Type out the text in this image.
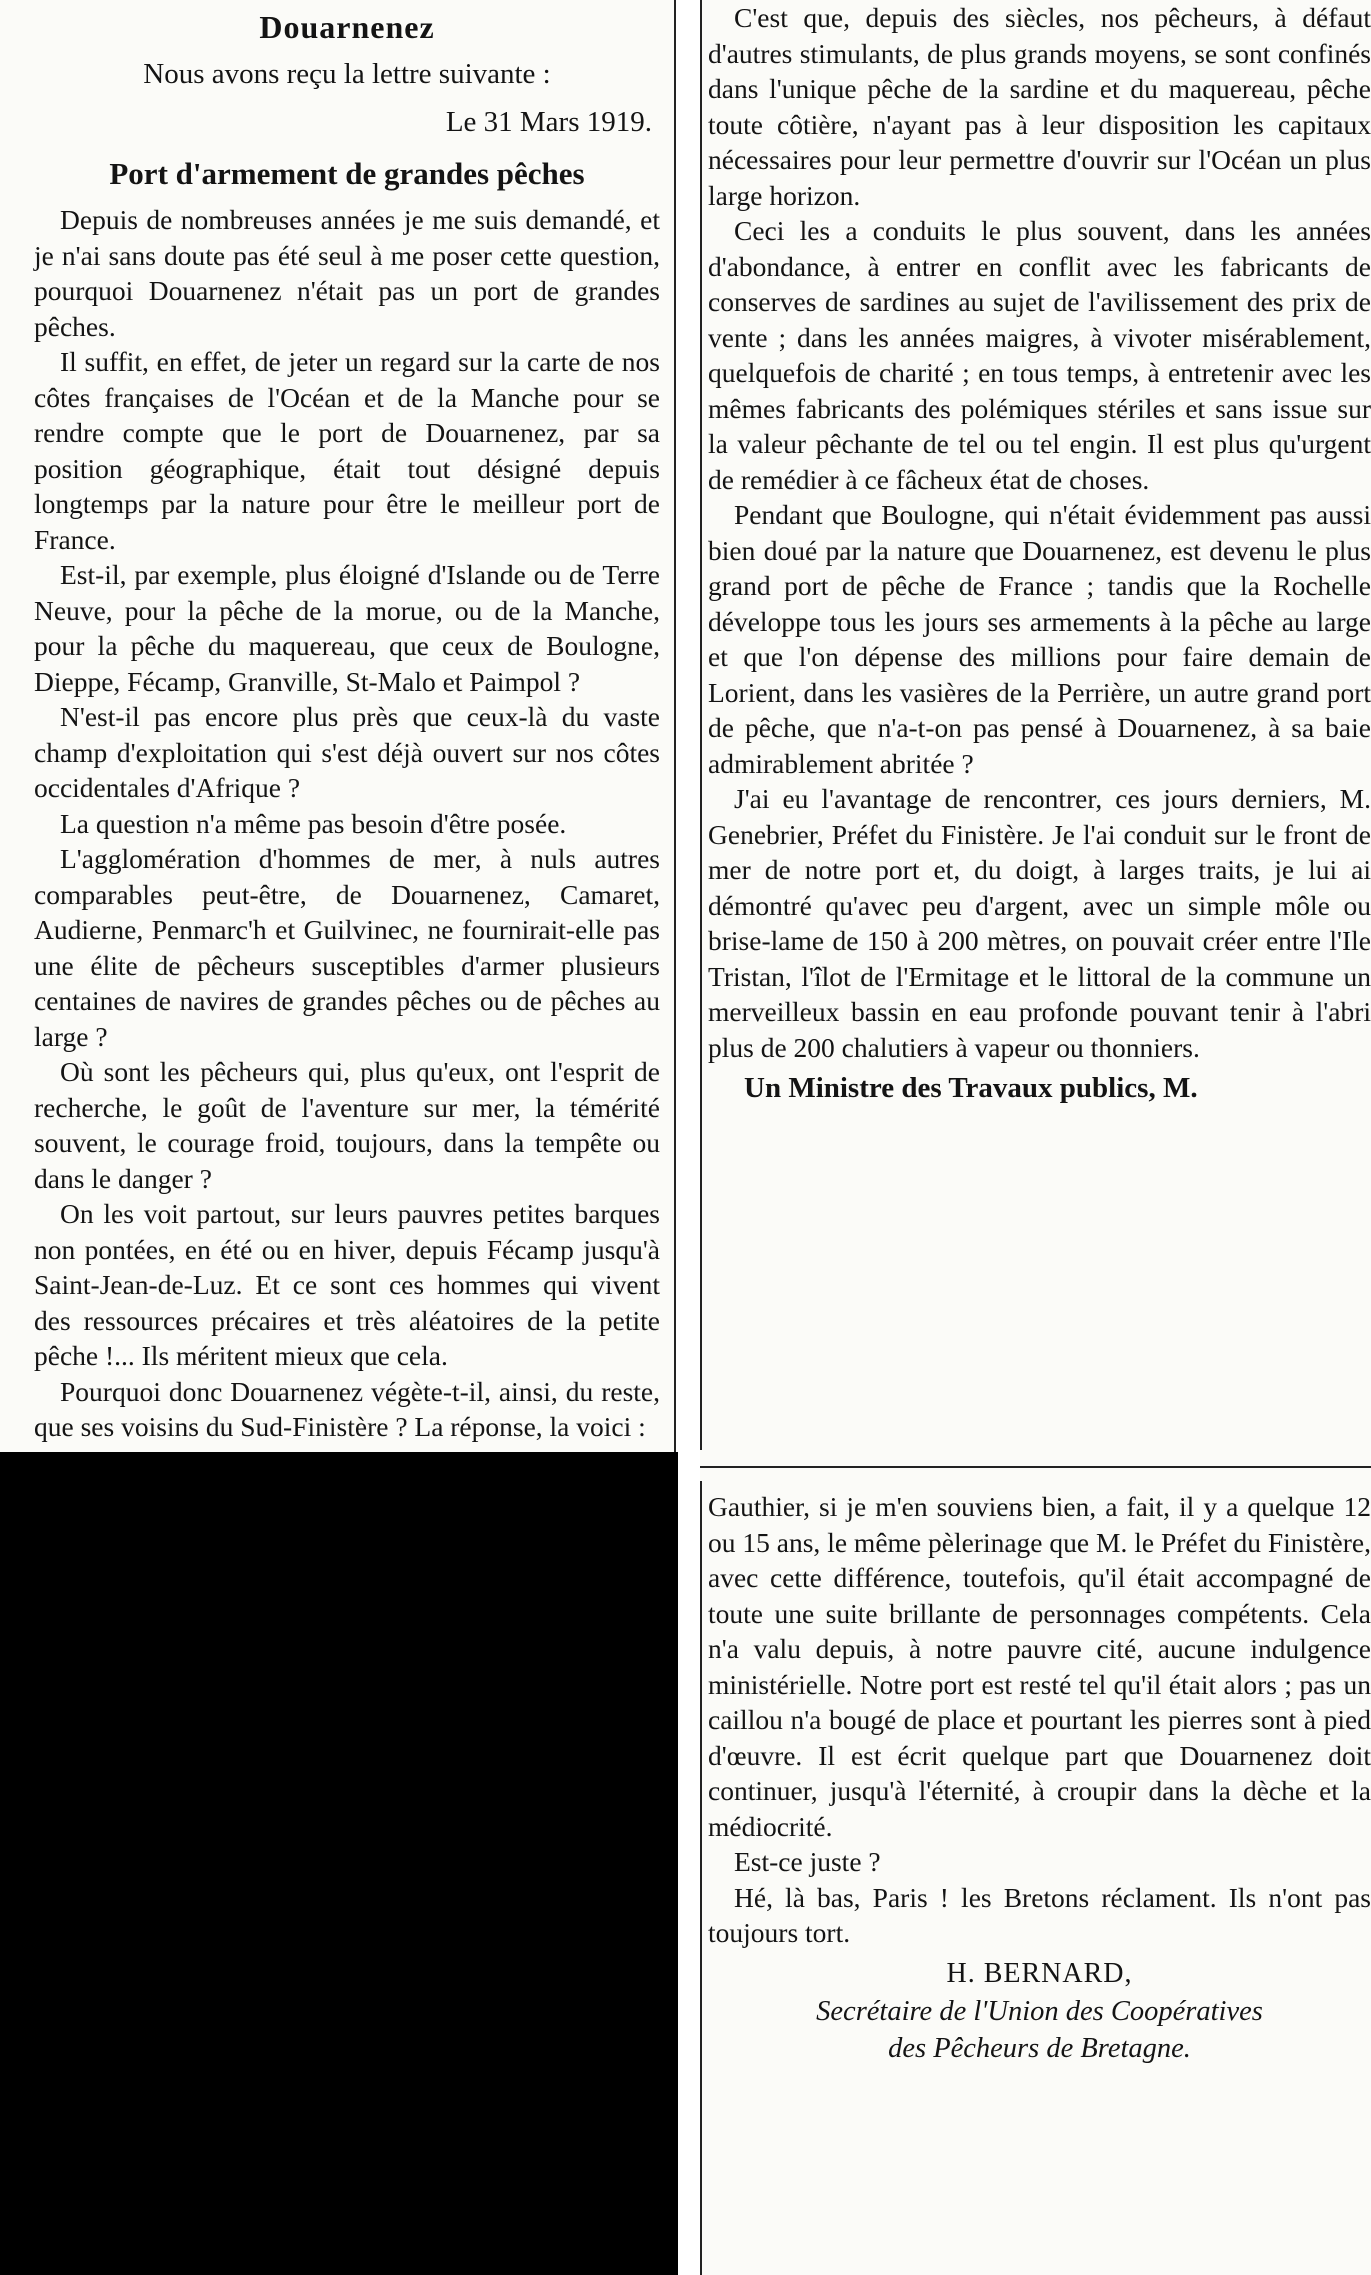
Douarnenez
Nous avons reçu la lettre suivante :
Le 31 Mars 1919.
Port d'armement de grandes pêches

Depuis de nombreuses années je me suis demandé, et je n'ai sans doute pas été seul à me poser cette question, pourquoi Douarnenez n'était pas un port de grandes pêches.

Il suffit, en effet, de jeter un regard sur la carte de nos côtes françaises de l'Océan et de la Manche pour se rendre compte que le port de Douarnenez, par sa position géographique, était tout désigné depuis longtemps par la nature pour être le meilleur port de France.

Est-il, par exemple, plus éloigné d'Islande ou de Terre Neuve, pour la pêche de la morue, ou de la Manche, pour la pêche du maquereau, que ceux de Boulogne, Dieppe, Fécamp, Granville, St-Malo et Paimpol ?

N'est-il pas encore plus près que ceux-là du vaste champ d'exploitation qui s'est déjà ouvert sur nos côtes occidentales d'Afrique ?

La question n'a même pas besoin d'être posée.

L'agglomération d'hommes de mer, à nuls autres comparables peut-être, de Douarnenez, Camaret, Audierne, Penmarc'h et Guilvinec, ne fournirait-elle pas une élite de pêcheurs susceptibles d'armer plusieurs centaines de navires de grandes pêches ou de pêches au large ?

Où sont les pêcheurs qui, plus qu'eux, ont l'esprit de recherche, le goût de l'aventure sur mer, la témérité souvent, le courage froid, toujours, dans la tempête ou dans le danger ?

On les voit partout, sur leurs pauvres petites barques non pontées, en été ou en hiver, depuis Fécamp jusqu'à Saint-Jean-de-Luz. Et ce sont ces hommes qui vivent des ressources précaires et très aléatoires de la petite pêche !... Ils méritent mieux que cela.

Pourquoi donc Douarnenez végète-t-il, ainsi, du reste, que ses voisins du Sud-Finistère ? La réponse, la voici :

C'est que, depuis des siècles, nos pêcheurs, à défaut d'autres stimulants, de plus grands moyens, se sont confinés dans l'unique pêche de la sardine et du maquereau, pêche toute côtière, n'ayant pas à leur disposition les capitaux nécessaires pour leur permettre d'ouvrir sur l'Océan un plus large horizon.

Ceci les a conduits le plus souvent, dans les années d'abondance, à entrer en conflit avec les fabricants de conserves de sardines au sujet de l'avilissement des prix de vente ; dans les années maigres, à vivoter misérablement, quelquefois de charité ; en tous temps, à entretenir avec les mêmes fabricants des polémiques stériles et sans issue sur la valeur pêchante de tel ou tel engin. Il est plus qu'urgent de remédier à ce fâcheux état de choses.

Pendant que Boulogne, qui n'était évidemment pas aussi bien doué par la nature que Douarnenez, est devenu le plus grand port de pêche de France ; tandis que la Rochelle développe tous les jours ses armements à la pêche au large et que l'on dépense des millions pour faire demain de Lorient, dans les vasières de la Perrière, un autre grand port de pêche, que n'a-t-on pas pensé à Douarnenez, à sa baie admirablement abritée ?

J'ai eu l'avantage de rencontrer, ces jours derniers, M. Genebrier, Préfet du Finistère. Je l'ai conduit sur le front de mer de notre port et, du doigt, à larges traits, je lui ai démontré qu'avec peu d'argent, avec un simple môle ou brise-lame de 150 à 200 mètres, on pouvait créer entre l'Ile Tristan, l'îlot de l'Ermitage et le littoral de la commune un merveilleux bassin en eau profonde pouvant tenir à l'abri plus de 200 chalutiers à vapeur ou thonniers.

Un Ministre des Travaux publics, M.

Gauthier, si je m'en souviens bien, a fait, il y a quelque 12 ou 15 ans, le même pèlerinage que M. le Préfet du Finistère, avec cette différence, toutefois, qu'il était accompagné de toute une suite brillante de personnages compétents. Cela n'a valu depuis, à notre pauvre cité, aucune indulgence ministérielle. Notre port est resté tel qu'il était alors ; pas un caillou n'a bougé de place et pourtant les pierres sont à pied d'œuvre. Il est écrit quelque part que Douarnenez doit continuer, jusqu'à l'éternité, à croupir dans la dèche et la médiocrité.

Est-ce juste ?

Hé, là bas, Paris ! les Bretons réclament. Ils n'ont pas toujours tort.

H. BERNARD,
Secrétaire de l'Union des Coopératives
des Pêcheurs de Bretagne.
